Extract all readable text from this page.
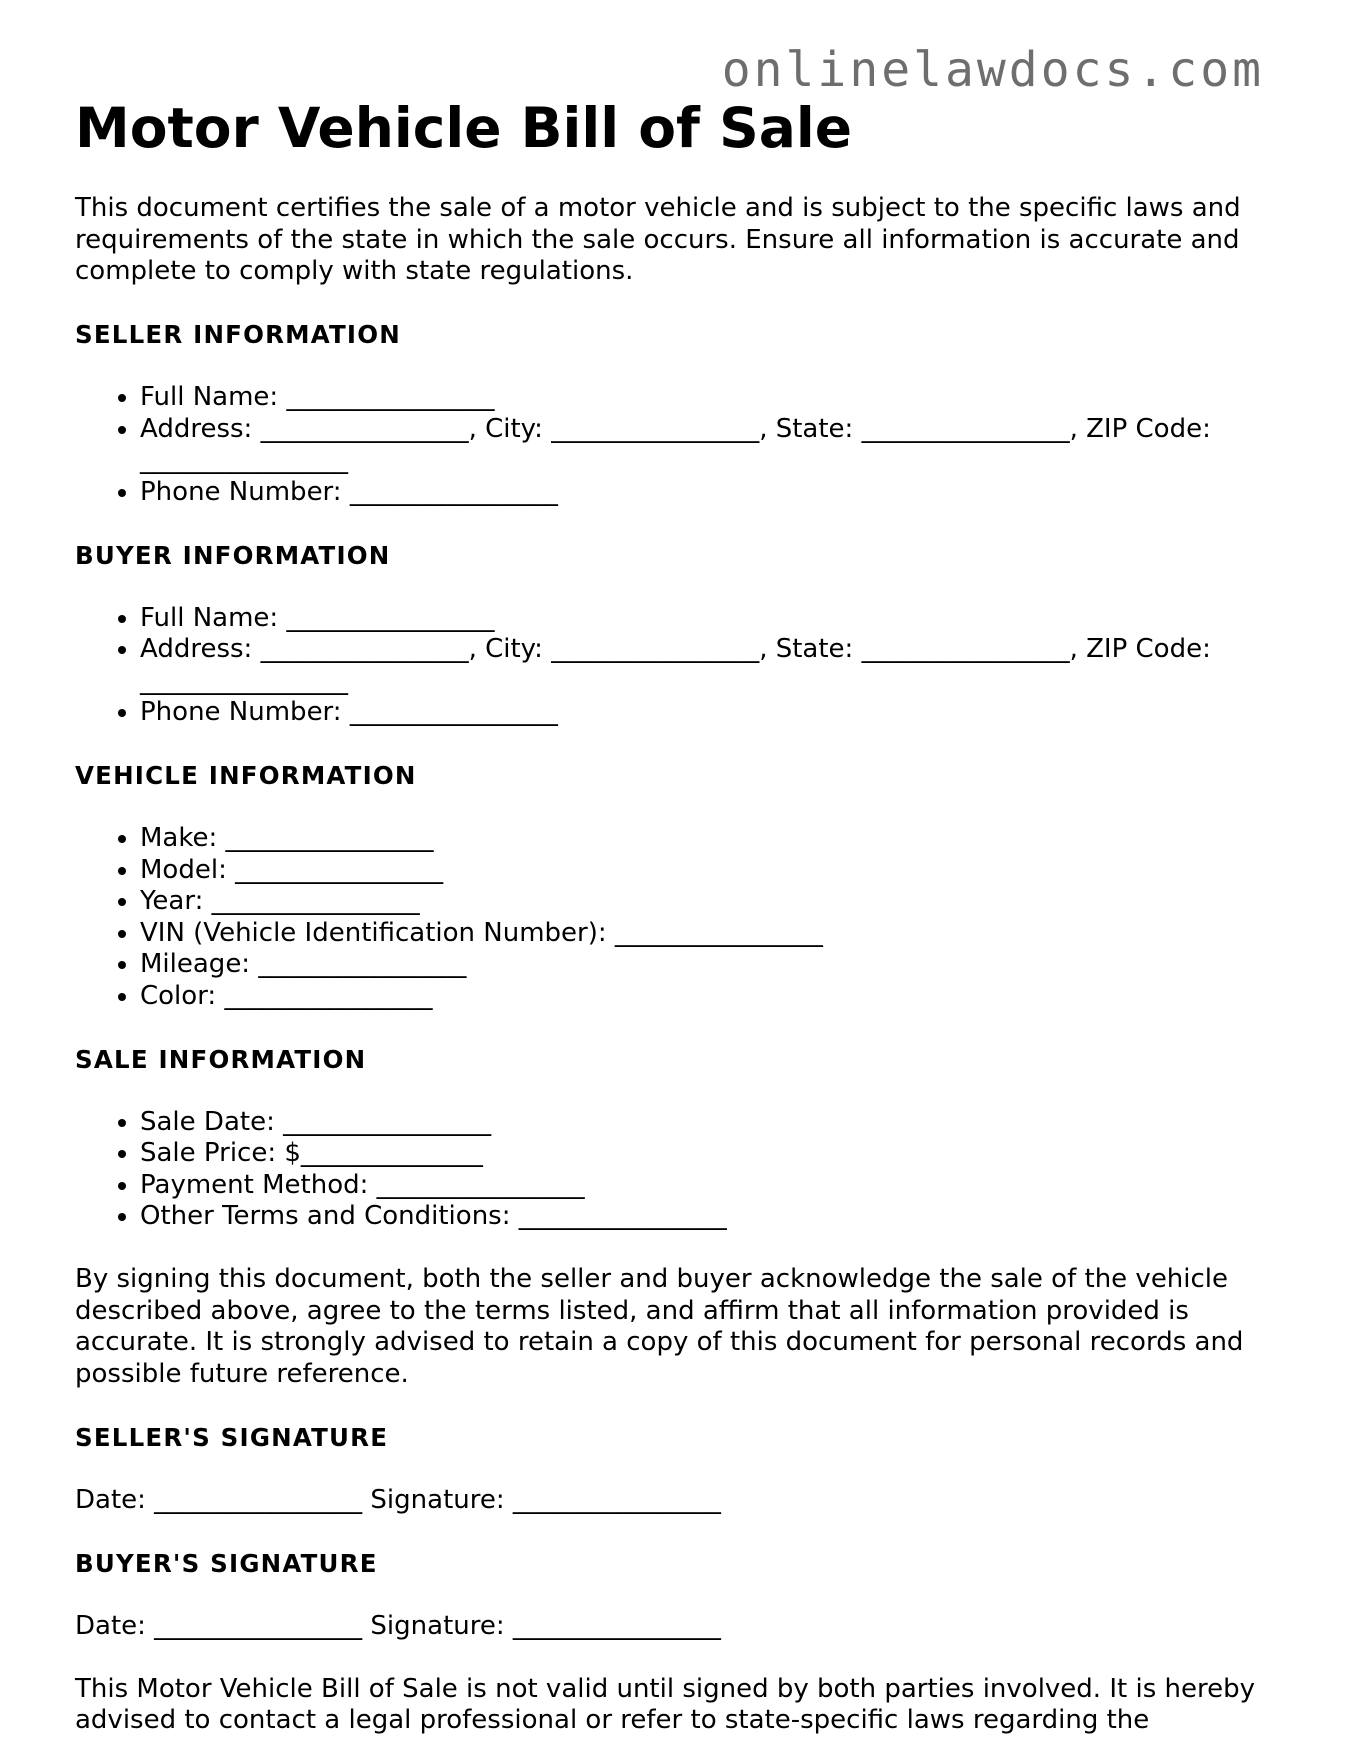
onlinelawdocs.com
Motor Vehicle Bill of Sale

This document certifies the sale of a motor vehicle and is subject to the specific laws and requirements of the state in which the sale occurs. Ensure all information is accurate and complete to comply with state regulations.

SELLER INFORMATION
• Full Name: ________________
• Address: ________________, City: ________________, State: ________________, ZIP Code: ________________
• Phone Number: ________________
BUYER INFORMATION
• Full Name: ________________
• Address: ________________, City: ________________, State: ________________, ZIP Code: ________________
• Phone Number: ________________
VEHICLE INFORMATION
• Make: ________________
• Model: ________________
• Year: ________________
• VIN (Vehicle Identification Number): ________________
• Mileage: ________________
• Color: ________________
SALE INFORMATION
• Sale Date: ________________
• Sale Price: $______________
• Payment Method: ________________
• Other Terms and Conditions: ________________

By signing this document, both the seller and buyer acknowledge the sale of the vehicle described above, agree to the terms listed, and affirm that all information provided is accurate. It is strongly advised to retain a copy of this document for personal records and possible future reference.

SELLER'S SIGNATURE

Date: ________________ Signature: ________________

BUYER'S SIGNATURE

Date: ________________ Signature: ________________

This Motor Vehicle Bill of Sale is not valid until signed by both parties involved. It is hereby advised to contact a legal professional or refer to state-specific laws regarding the
